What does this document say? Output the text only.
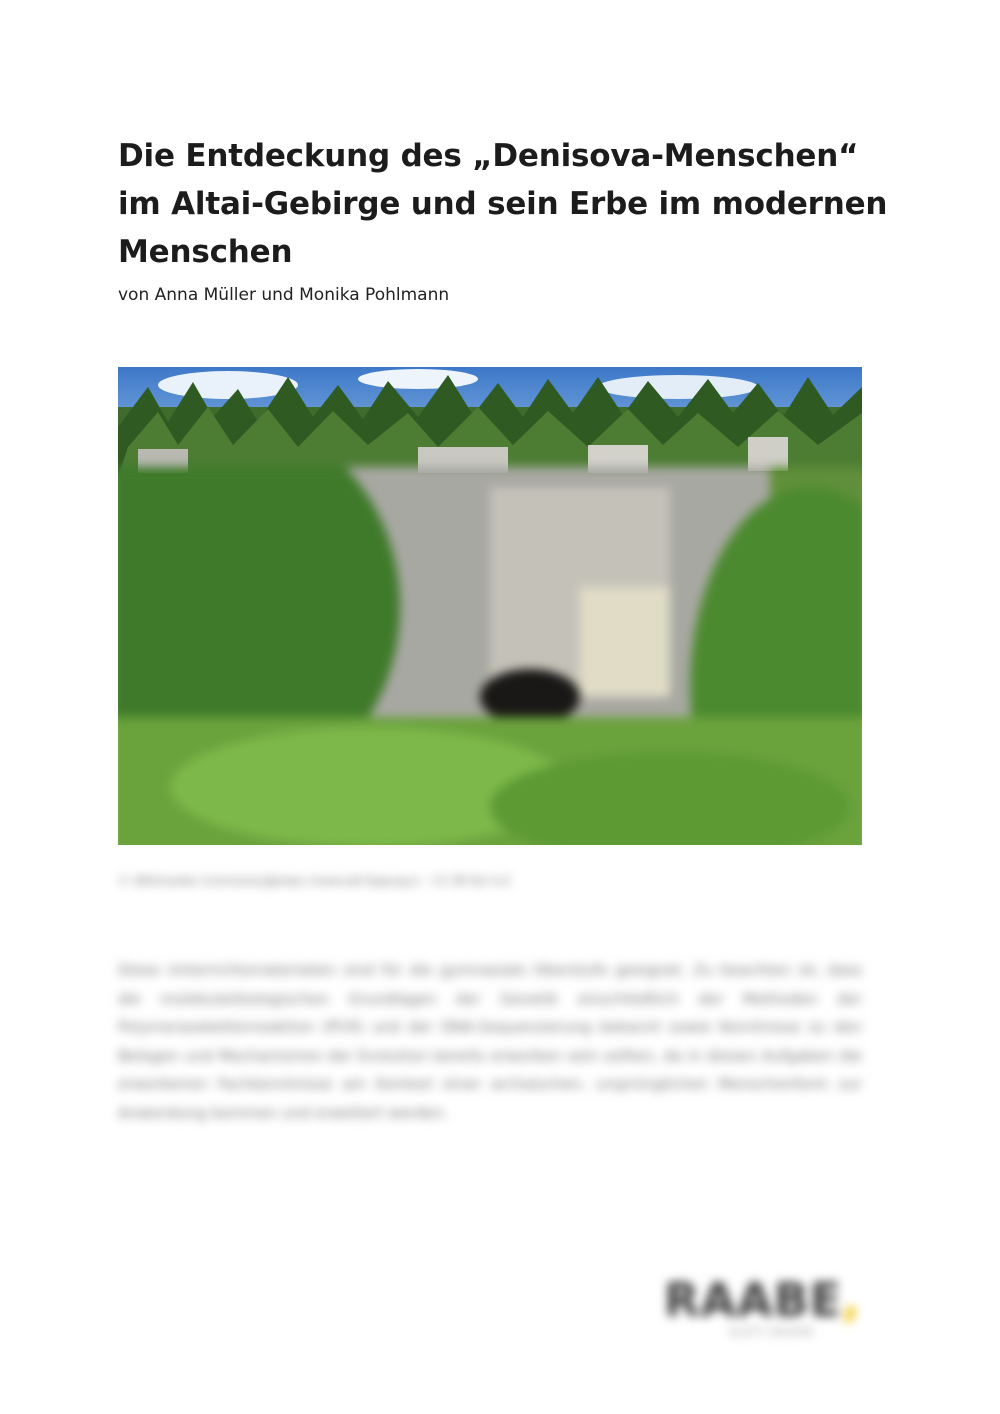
Die Entdeckung des „Denisova-Menschen“
im Altai-Gebirge und sein Erbe im modernen
Menschen
von Anna Müller und Monika Pohlmann
© Wikimedia Commons/Демин Алексей Барнаул – CC BY-SA 4.0

Diese Unterrichtsmaterialien sind für die gymnasiale Oberstufe geeignet. Zu beachten ist, dass die molekularbiologischen Grundlagen der Genetik einschließlich der Methoden der Polymerasekettenreaktion (PCR) und der DNA-Sequenzierung bekannt sowie Kenntnisse zu den Belegen und Mechanismen der Evolution bereits erworben sein sollten, da in diesen Aufgaben die erworbenen Fachkenntnisse am Kontext einer archaischen, ursprünglichen Menschenform zur Anwendung kommen und erweitert werden.

RAABE,
KLETT GRUPPE
